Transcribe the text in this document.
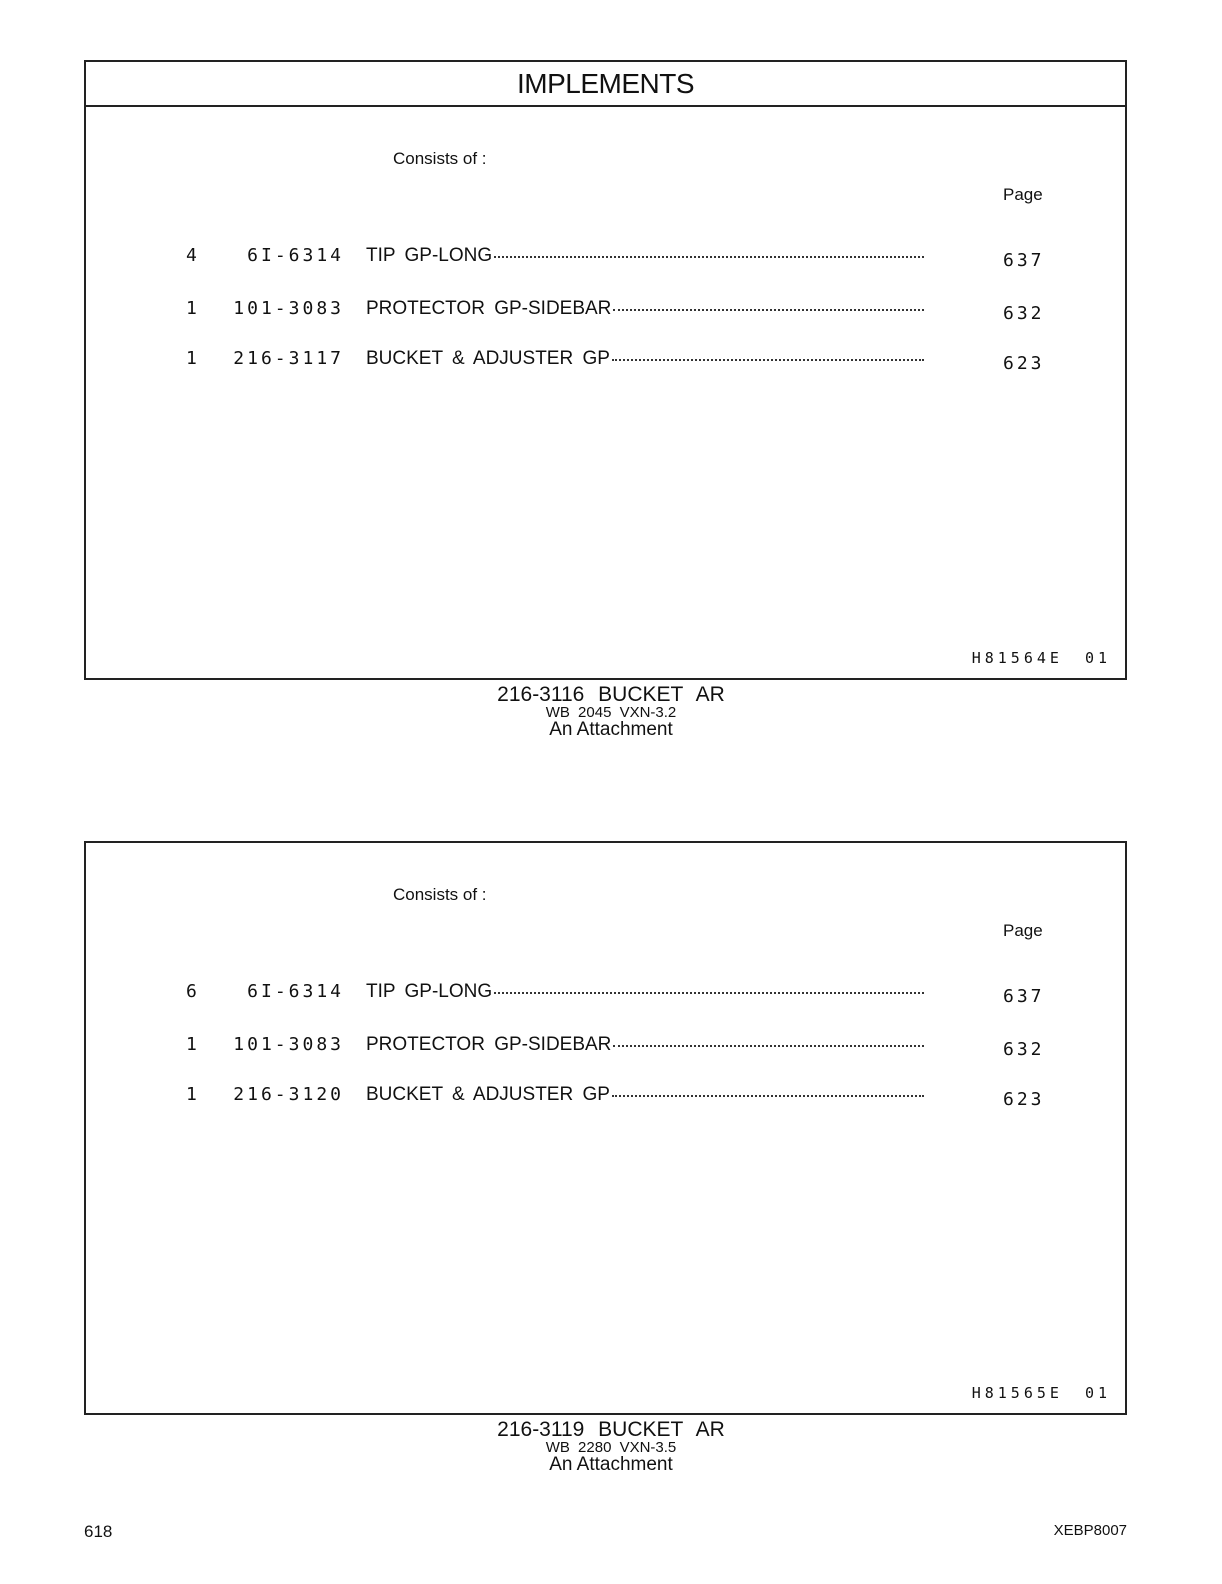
IMPLEMENTS
Consists of :
Page
4	6I-6314 TIP GP-LONG	637
1	101-3083 PROTECTOR GP-SIDEBAR	632
1	216-3117 BUCKET & ADJUSTER GP	623
H81564E 01
216-3116 BUCKET AR
WB 2045 VXN-3.2
An Attachment
Consists of :
Page
6	6I-6314 TIP GP-LONG	637
1	101-3083 PROTECTOR GP-SIDEBAR	632
1	216-3120 BUCKET & ADJUSTER GP	623
H81565E 01
216-3119 BUCKET AR
WB 2280 VXN-3.5
An Attachment
618	XEBP8007
